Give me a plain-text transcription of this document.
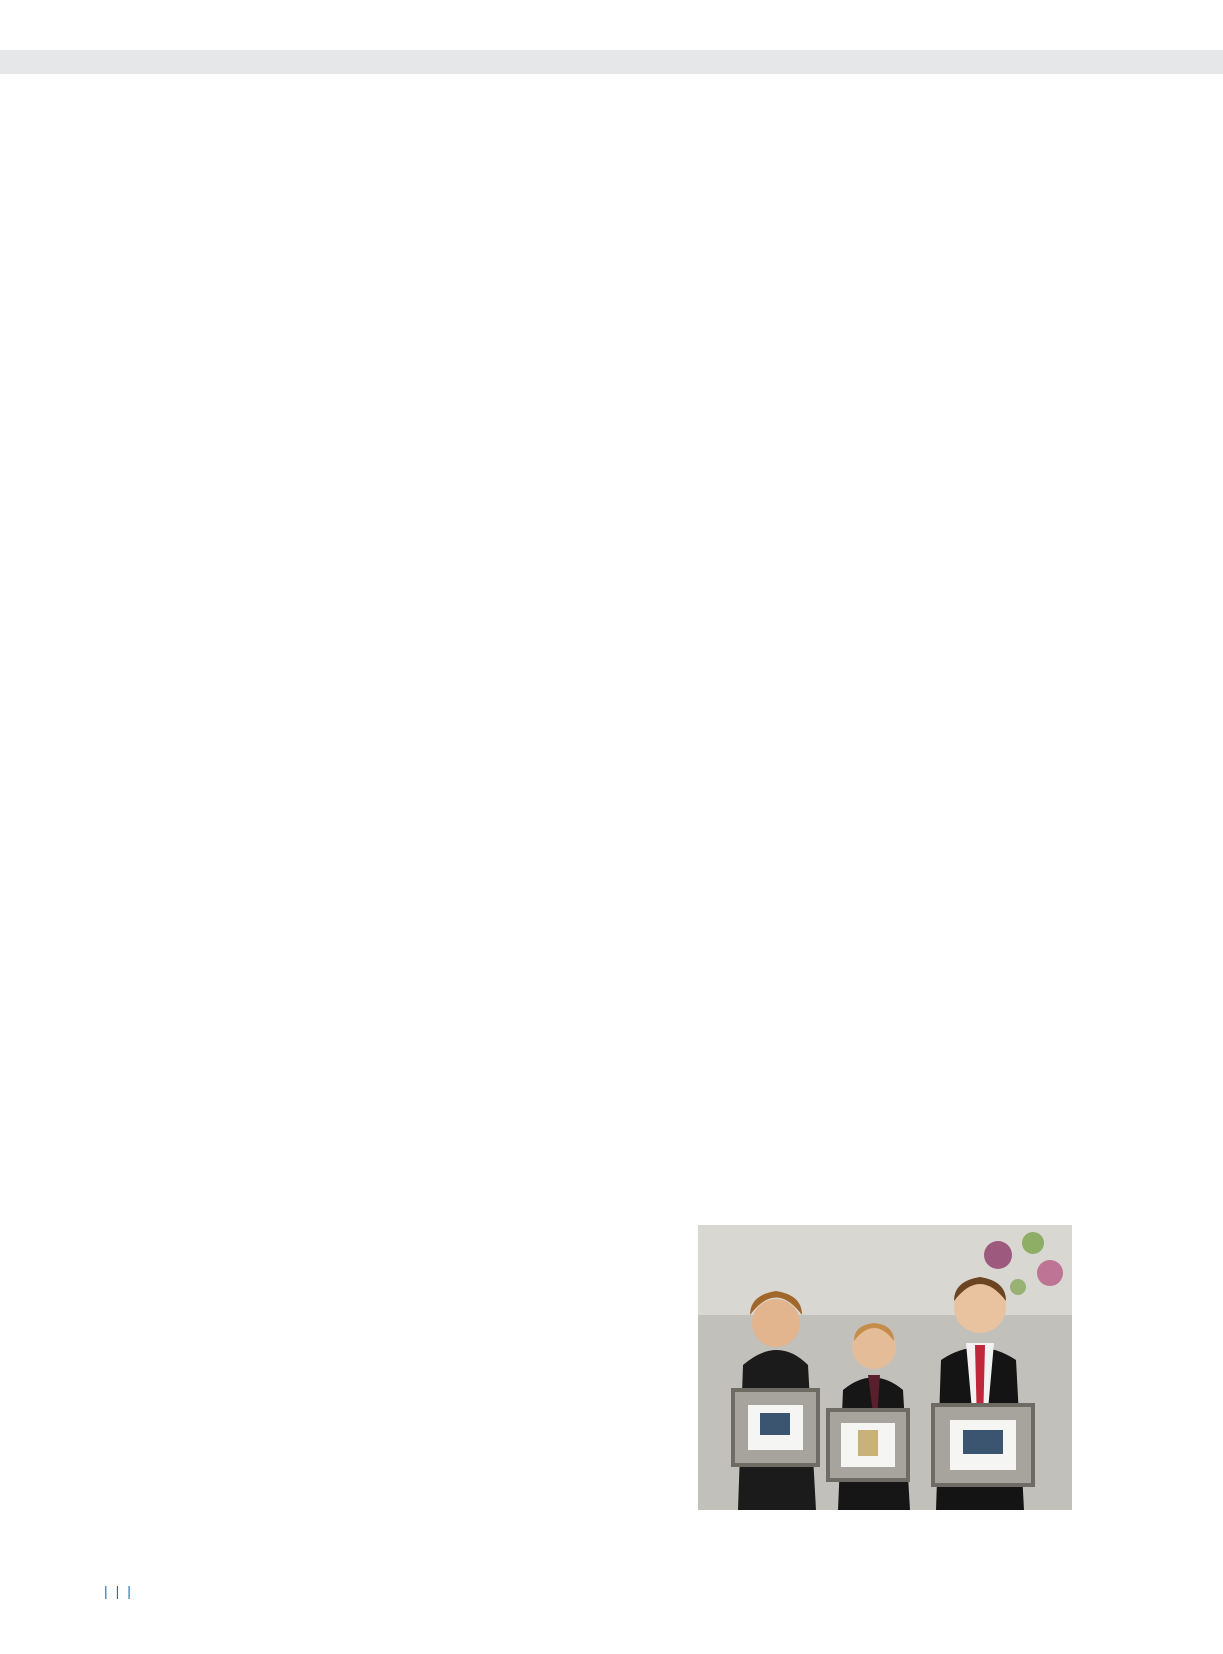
| | |
